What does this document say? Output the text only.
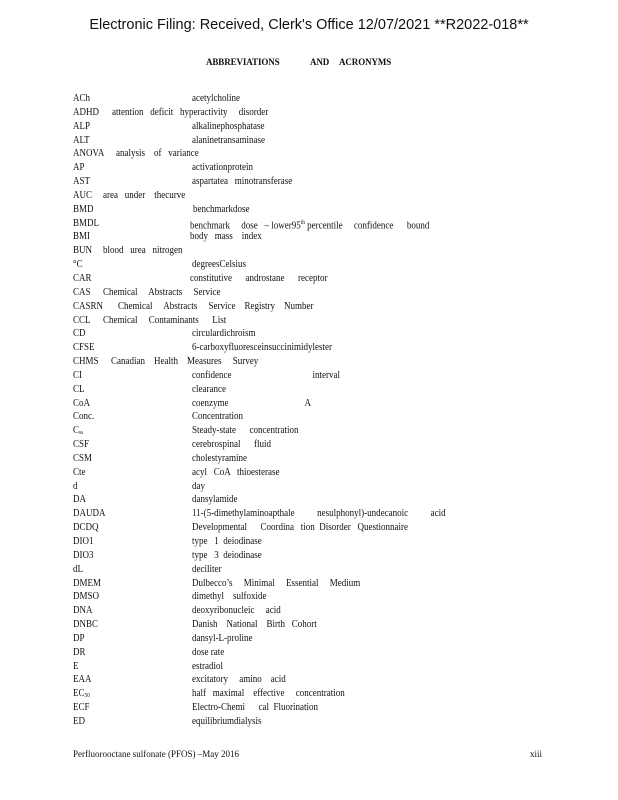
Electronic Filing: Received, Clerk's Office 12/07/2021 **R2022-018**
ABBREVIATIONS	AND ACRONYMS
ACh	acetylcholine
ADHD attention   deficit   hyperactivity     disorder
ALP	alkalinephosphatase
ALT	alaninetransaminase
ANOVA analysis    of   variance
AP	activationprotein
AST	aspartatea   minotransferase
AUC area   under    thecurve
BMD	benchmarkdose
BMDL	benchmark     dose   – lower95th percentile     confidence      bound
BMI	body   mass    index
BUN blood   urea   nitrogen
°C	degreesCelsius
CAR	constitutive      androstane      receptor
CAS Chemical     Abstracts     Service
CASRN Chemical     Abstracts     Service    Registry    Number
CCL Chemical     Contaminants      List
CD	circulardichroism
CFSE	6-carboxyfluoresceinsuccinimidylester
CHMS Canadian    Health    Measures     Survey
CI	confidence                                    interval
CL	clearance
CoA	coenzyme                                  A
Conc.	Concentration
$C_{ss}$	Steady-state      concentration
CSF	cerebrospinal      fluid
CSM	cholestyramine
Cte	acyl   CoA   thioesterase
d	day
DA	dansylamide
DAUDA	11-(5-dimethylaminoapthale          nesulphonyl)-undecanoic          acid
DCDQ	Developmental      Coordina   tion  Disorder   Questionnaire
DIO1	type   1  deiodinase
DIO3	type   3  deiodinase
dL	deciliter
DMEM	Dulbecco’s     Minimal     Essential     Medium
DMSO	dimethyl    sulfoxide
DNA	deoxyribonucleic     acid
DNBC	Danish    National    Birth   Cohort
DP	dansyl-L-proline
DR	dose rate
E	estradiol
EAA	excitatory     amino    acid
$EC_{50}$	half   maximal    effective     concentration
ECF	Electro-Chemi      cal  Fluorination
ED	equilibriumdialysis
Perfluorooctane sulfonate (PFOS) –May 2016	xiii
